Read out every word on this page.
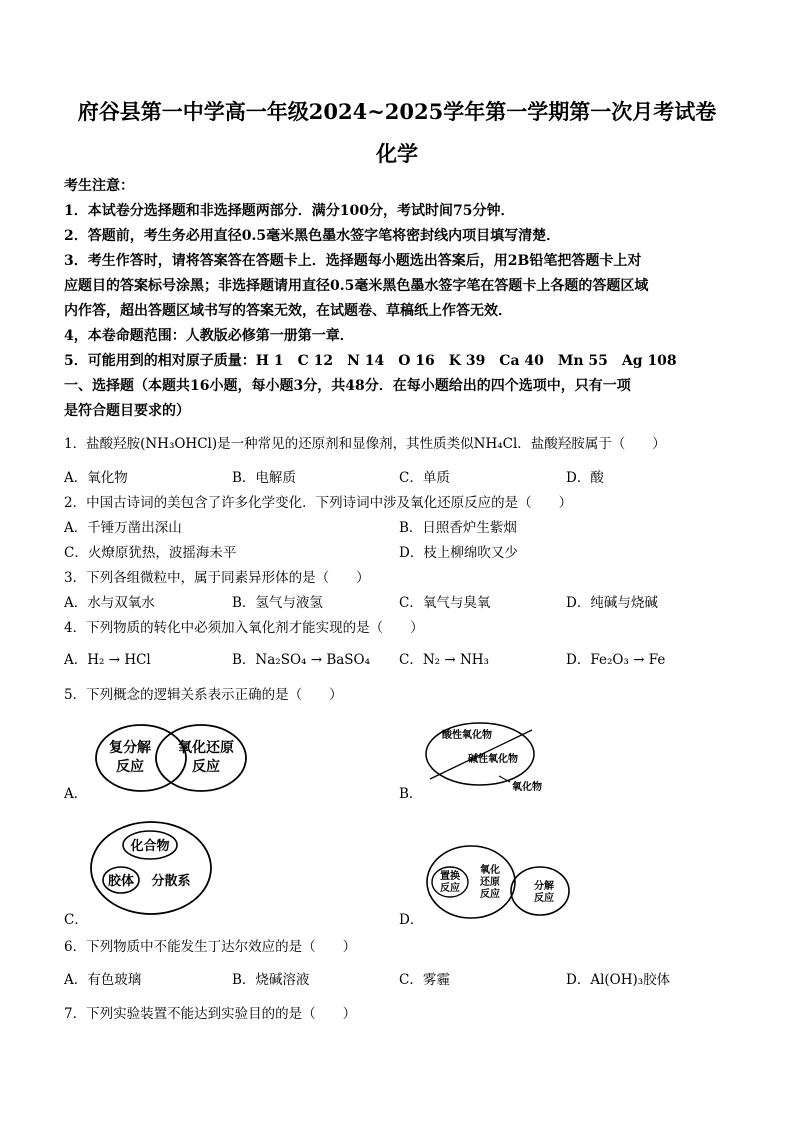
府谷县第一中学高一年级2024~2025学年第一学期第一次月考试卷
化学
考生注意：
1．本试卷分选择题和非选择题两部分．满分100分，考试时间75分钟．
2．答题前，考生务必用直径0.5毫米黑色墨水签字笔将密封线内项目填写清楚．
3．考生作答时，请将答案答在答题卡上．选择题每小题选出答案后，用2B铅笔把答题卡上对
应题目的答案标号涂黑；非选择题请用直径0.5毫米黑色墨水签字笔在答题卡上各题的答题区域
内作答，超出答题区域书写的答案无效，在试题卷、草稿纸上作答无效．
4，本卷命题范围：人教版必修第一册第一章．
5．可能用到的相对原子质量：H 1　C 12　N 14　O 16　K 39　Ca 40　Mn 55　Ag 108
一、选择题（本题共16小题，每小题3分，共48分．在每小题给出的四个选项中，只有一项
是符合题目要求的）
1．盐酸羟胺(NH₃OHCl)是一种常见的还原剂和显像剂，其性质类似NH₄Cl．盐酸羟胺属于（　　）
A．氧化物	B．电解质	C．单质	D．酸
2．中国古诗词的美包含了许多化学变化．下列诗词中涉及氧化还原反应的是（　　）
A．千锤万凿出深山	B．日照香炉生紫烟
C．火燎原犹热，波摇海未平	D．枝上柳绵吹又少
3．下列各组微粒中，属于同素异形体的是（　　）
A．水与双氧水	B．氢气与液氢	C．氧气与臭氧	D．纯碱与烧碱
4．下列物质的转化中必须加入氧化剂才能实现的是（　　）
A．H₂ → HCl	B．Na₂SO₄ → BaSO₄ C．N₂ → NH₃	D．Fe₂O₃ → Fe
5．下列概念的逻辑关系表示正确的是（　　）
A．
复分解
反应
氧化还原
反应
B．
酸性氧化物
碱性氧化物
氧化物
C．
化合物
胶体 分散系
D．
置换
反应
氧化
还原
反应
分解
反应
6．下列物质中不能发生丁达尔效应的是（　　）
A．有色玻璃	B．烧碱溶液	C．雾霾	D．Al(OH)₃胶体
7．下列实验装置不能达到实验目的的是（　　）
